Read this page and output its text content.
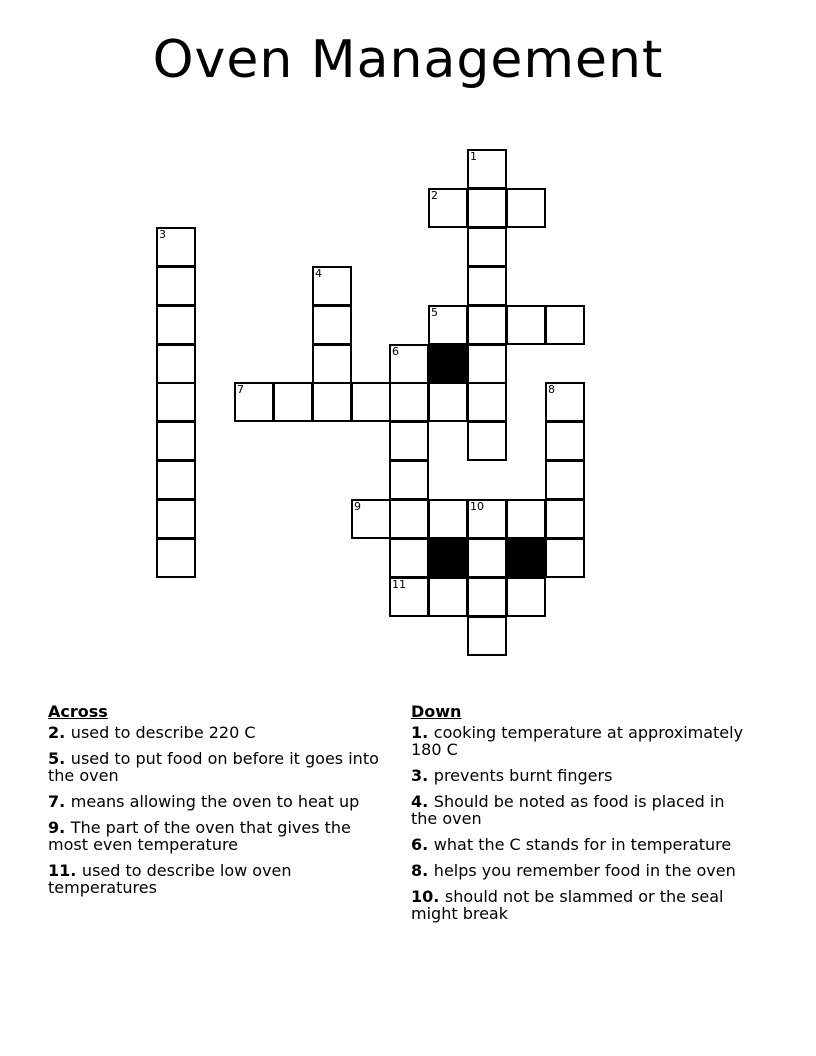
Oven Management
1
2
3
4
5
6
7	8
9	10
11
Across
2. used to describe 220 C
5. used to put food on before it goes into the oven
7. means allowing the oven to heat up
9. The part of the oven that gives the most even temperature
11. used to describe low oven temperatures
Down
1. cooking temperature at approximately 180 C
3. prevents burnt fingers
4. Should be noted as food is placed in the oven
6. what the C stands for in temperature
8. helps you remember food in the oven
10. should not be slammed or the seal might break
